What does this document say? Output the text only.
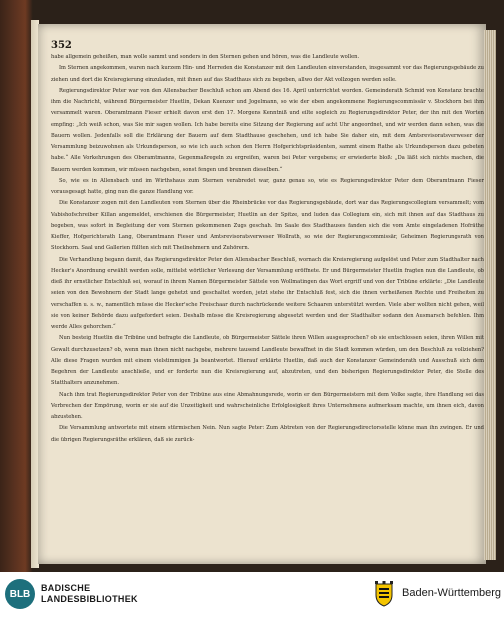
352

habe allgemein geheißen, man wolle sammt und sonders in den Sternen gehen und hören, was die Landleute wollen.

Im Sternen angekommen, waren nach kurzem Hin- und Herreden die Konstanzer mit den Landleuten einverstanden, insgesammt vor das Regierungsgebäude zu ziehen und dort die Kreisregierung einzuladen, mit ihnen auf das Stadthaus sich zu begeben, allwo der Akt vollzogen werden solle.

Regierungsdirektor Peter war von den Allensbacher Beschluß schon am Abend des 16. April unterrichtet worden. Gemeinderath Schmid von Konstanz brachte ihm die Nachricht, während Bürgermeister Huetlin, Dekan Kuenzer und Jogelmann, so wie der eben angekommene Regierungscommissär v. Stockhorn bei ihm versammelt waren. Oberamtmann Fieser erhielt davon erst den 17. Morgens Kenntniß und eilte sogleich zu Regierungsdirektor Peter, der ihn mit den Worten empfing: „Ich weiß schon, was Sie mir sagen wollen. Ich habe bereits eine Sitzung der Regierung auf acht Uhr angeordnet, und wir werden dann sehen, was die Bauern wollen. Jedenfalls soll die Erklärung der Bauern auf dem Stadthause geschehen, und ich habe Sie daher ein, mit dem Amtsrevisoratsverweser der Versammlung beizuwohnen als Urkundsperson, so wie ich auch schon den Herrn Hofgerichtspräsidenten, sammt einem Rathe als Urkundsperson dazu gebeten habe.“ Alle Vorkehrungen des Oberamtmanns, Gegenmaßregeln zu ergreifen, waren bei Peter vergebens; er erwiederte bloß: „Da läßt sich nichts machen, die Bauern werden kommen, wir müssen nachgeben, sonst fengen und brennen dieselben.“

So, wie es in Allensbach und im Wirthshaus zum Sternen verabredet war, ganz genau so, wie es Regierungsdirektor Peter dem Oberamtmann Fieser vorausgesagt hatte, ging nun die ganze Handlung vor.

Die Konstanzer zogen mit den Landleuten vom Sternen über die Rheinbrücke vor das Regierungsgebäude, dort war das Regierungscollegium versammelt; vom Vabishofschreiber Killan angemeldet, erschienen die Bürgermeister, Huetlin an der Spitze, und luden das Collegium ein, sich mit ihnen auf das Stadthaus zu begeben, was sofort in Begleitung der vom Sternen gekommenen Zugs geschah. Im Saale des Stadthauses fanden sich die vom Amte eingeladenen Hofräthe Kieffer, Hofgerichtsrath Lang, Oberamtmann Fieser und Amtsrevisoratsverweser Wollrath, so wie der Regierungscommissär, Geheimen Regierungsrath von Stockhorn. Saal und Gallerien füllten sich mit Theilnehmern und Zuhörern.

Die Verhandlung begann damit, das Regierungsdirektor Peter den Allensbacher Beschluß, wornach die Kreisregierung aufgelöst und Peter zum Stadthalter nach Hecker's Anordnung erwählt werden solle, mittelst wörtlicher Verlesung der Versammlung eröffnete. Er und Bürgermeister Huetlin fragten nun die Landleute, ob dieß ihr ernstlicher Entschluß sei, worauf in ihrem Namen Bürgermeister Sättele von Wollmatingen das Wort ergriff und von der Tribüne erklärte: „Die Landleute seien von den Bewohnern der Stadt lange gehetzt und geschaltet worden, jetzt stehe ihr Entschluß fest, sich die ihnen verheißenen Rechte und Freiheiten zu verschaffen u. s. w., namentlich müsse die Hecker'sche Freischaar durch nachrückende weitere Schaaren unterstützt werden. Viele aber wollten nicht gehen, weil sie von keiner Behörde dazu aufgefordert seien. Deshalb müsse die Kreisregierung abgesetzt werden und der Stadthalter sodann den Ausmarsch befehlen. Ihm werde Alles gehorchen.“

Nun besteig Huetlin die Tribüne und befragte die Landleute, ob Bürgermeister Sättele ihren Willen ausgesprochen? ob sie entschlossen seien, ihren Willen mit Gewalt durchzusetzen? ob, wenn man ihnen nicht nachgebe, mehrere tausend Landleute bewaffnet in die Stadt kommen würden, um den Beschluß zu vollziehen? Alle diese Fragen wurden mit einem vielstimmigen Ja beantwortet. Hierauf erklärte Huetlin, daß auch der Konstanzer Gemeinderath und Ausschuß sich dem Begehren der Landleute anschließe, und er forderte nun die Kreisregierung auf, abzutreten, und den bisherigen Regierungsdirektor Peter, die Stelle des Statthalters anzunehmen.

Nach ihm trat Regierungsdirektor Peter von der Tribüne aus eine Abmahnungsrede, worin er den Bürgermeistern mit dem Volke sagte, ihre Handlung sei das Verbrechen der Empörung, worin er sie auf die Unzeitigkeit und wahrscheinliche Erfolglosigkeit ihres Unternehmens aufmerksam machte, um ihnen eich, davon abzustehen.

Die Versammlung antwortete mit einem stürmischen Nein. Nun sagte Peter: Zum Abtreten von der Regierungsdirectorsstelle könne man ihn zwingen. Er und die übrigen Regierungsräthe erklären, daß sie zurück-

BLB
BADISCHE
LANDESBIBLIOTHEK	Baden-Württemberg
